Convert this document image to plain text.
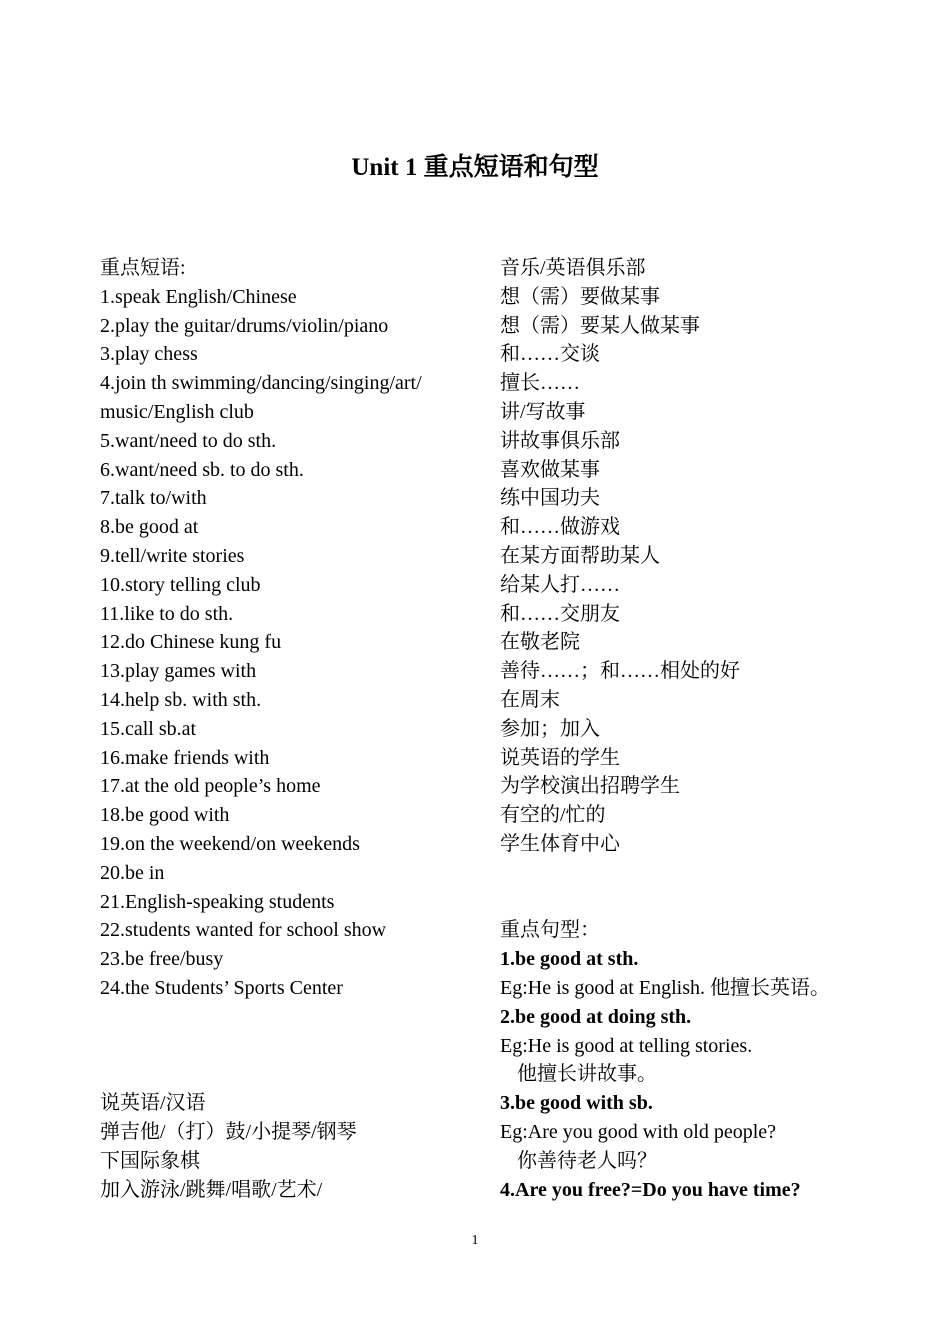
Unit 1 重点短语和句型
重点短语:
1.speak English/Chinese
2.play the guitar/drums/violin/piano
3.play chess
4.join th swimming/dancing/singing/art/
music/English club
5.want/need to do sth.
6.want/need sb. to do sth.
7.talk to/with
8.be good at
9.tell/write stories
10.story telling club
11.like to do sth.
12.do Chinese kung fu
13.play games with
14.help sb. with sth.
15.call sb.at
16.make friends with
17.at the old people’s home
18.be good with
19.on the weekend/on weekends
20.be in
21.English-speaking students
22.students wanted for school show
23.be free/busy
24.the Students’ Sports Center
说英语/汉语
弹吉他/（打）鼓/小提琴/钢琴
下国际象棋
加入游泳/跳舞/唱歌/艺术/
音乐/英语俱乐部
想（需）要做某事
想（需）要某人做某事
和……交谈
擅长……
讲/写故事
讲故事俱乐部
喜欢做某事
练中国功夫
和……做游戏
在某方面帮助某人
给某人打……
和……交朋友
在敬老院
善待……；和……相处的好
在周末
参加；加入
说英语的学生
为学校演出招聘学生
有空的/忙的
学生体育中心
重点句型：
1.be good at sth.
Eg:He is good at English. 他擅长英语。
2.be good at doing sth.
Eg:He is good at telling stories.
他擅长讲故事。
3.be good with sb.
Eg:Are you good with old people?
你善待老人吗？
4.Are you free?=Do you have time?
1
